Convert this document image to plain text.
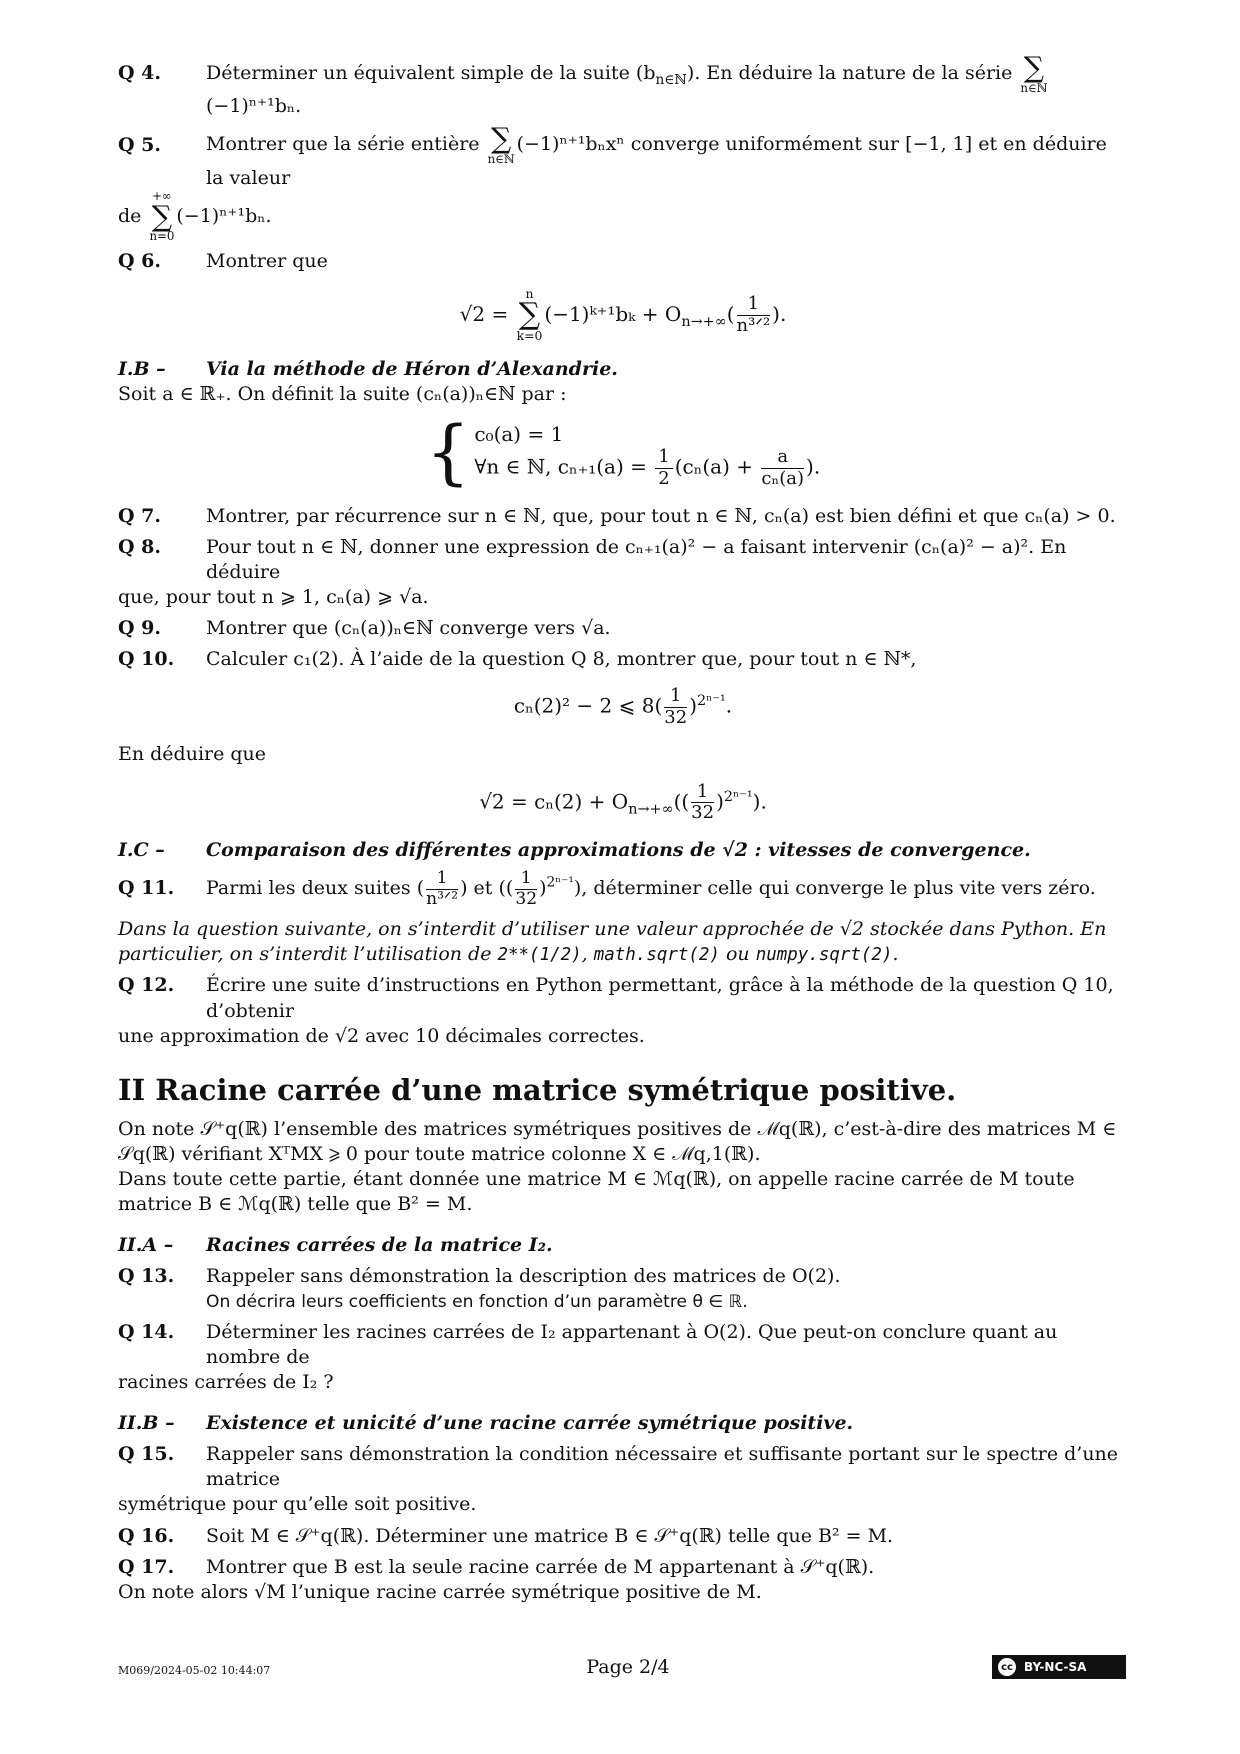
Q 4.	Déterminer un équivalent simple de la suite $(b_{n\in ℕ})$. En déduire la nature de la série ∑
n∈ℕ
(−1)ⁿ⁺¹bₙ.
Q 5.	Montrer que la série entière ∑
n∈ℕ
(−1)ⁿ⁺¹bₙxⁿ converge uniformément sur [−1, 1] et en déduire la valeur
de
+∞
∑
n=0
(−1)ⁿ⁺¹bₙ.
Q 6.	Montrer que
√2 =
n
∑
k=0
(−1)ᵏ⁺¹bₖ + $O_{n\to+\infty}( \frac{1}{\text{n³ᐟ²}}$ ).
I.B – Via la méthode de Héron d’Alexandrie.
Soit a ∈ ℝ₊. On définit la suite (cₙ(a))ₙ∈ℕ par :
{ c₀(a) = 1
∀n ∈ ℕ, $c_{n+1}(a) = \frac{1}{2} (c_n(a) + \frac{a}{\text{cₙ(a)}}$ ).
Q 7.	Montrer, par récurrence sur n ∈ ℕ, que, pour tout n ∈ ℕ, cₙ(a) est bien défini et que cₙ(a) > 0.
Q 8.	Pour tout n ∈ ℕ, donner une expression de cₙ₊₁(a)² − a faisant intervenir (cₙ(a)² − a)². En déduire
que, pour tout n ⩾ 1, cₙ(a) ⩾ √a.
Q 9.	Montrer que (cₙ(a))ₙ∈ℕ converge vers √a.
Q 10.	Calculer c₁(2). À l’aide de la question Q 8, montrer que, pour tout n ∈ ℕ*,
cₙ(2)² − 2 ⩽ $8( \frac{1}{32} )^{2^{n-1}}$.
En déduire que
$√2 = c_n(2) + O_{n\to+\infty}(( \frac{1}{32} )^{2^{n-1}})$.
I.C – Comparaison des différentes approximations de √2 : vitesses de convergence.
Q 11.	Parmi les deux suites ( $\frac{1}{\text{n³ᐟ²}}$ ) et (( $\frac{1}{32} )^{2^{n-1}}$), déterminer celle qui converge le plus vite vers zéro.
Dans la question suivante, on s’interdit d’utiliser une valeur approchée de √2 stockée dans Python. En particulier, on s’interdit l’utilisation de 2**(1/2), math.sqrt(2) ou numpy.sqrt(2).
Q 12.	Écrire une suite d’instructions en Python permettant, grâce à la méthode de la question Q 10, d’obtenir
une approximation de √2 avec 10 décimales correctes.
II Racine carrée d’une matrice symétrique positive.
On note 𝒮⁺q(ℝ) l’ensemble des matrices symétriques positives de ℳq(ℝ), c’est-à-dire des matrices M ∈ 𝒮q(ℝ) vérifiant XᵀMX ⩾ 0 pour toute matrice colonne X ∈ ℳq,1(ℝ).
Dans toute cette partie, étant donnée une matrice M ∈ ℳq(ℝ), on appelle racine carrée de M toute matrice B ∈ ℳq(ℝ) telle que B² = M.
II.A – Racines carrées de la matrice I₂.
Q 13.	Rappeler sans démonstration la description des matrices de O(2).
On décrira leurs coefficients en fonction d’un paramètre θ ∈ ℝ.
Q 14.	Déterminer les racines carrées de I₂ appartenant à O(2). Que peut-on conclure quant au nombre de
racines carrées de I₂ ?
II.B – Existence et unicité d’une racine carrée symétrique positive.
Q 15.	Rappeler sans démonstration la condition nécessaire et suffisante portant sur le spectre d’une matrice
symétrique pour qu’elle soit positive.
Q 16.	Soit M ∈ 𝒮⁺q(ℝ). Déterminer une matrice B ∈ 𝒮⁺q(ℝ) telle que B² = M.
Q 17.	Montrer que B est la seule racine carrée de M appartenant à 𝒮⁺q(ℝ).
On note alors √M l’unique racine carrée symétrique positive de M.
M069/2024-05-02 10:44:07	Page 2/4	cc BY-NC-SA
